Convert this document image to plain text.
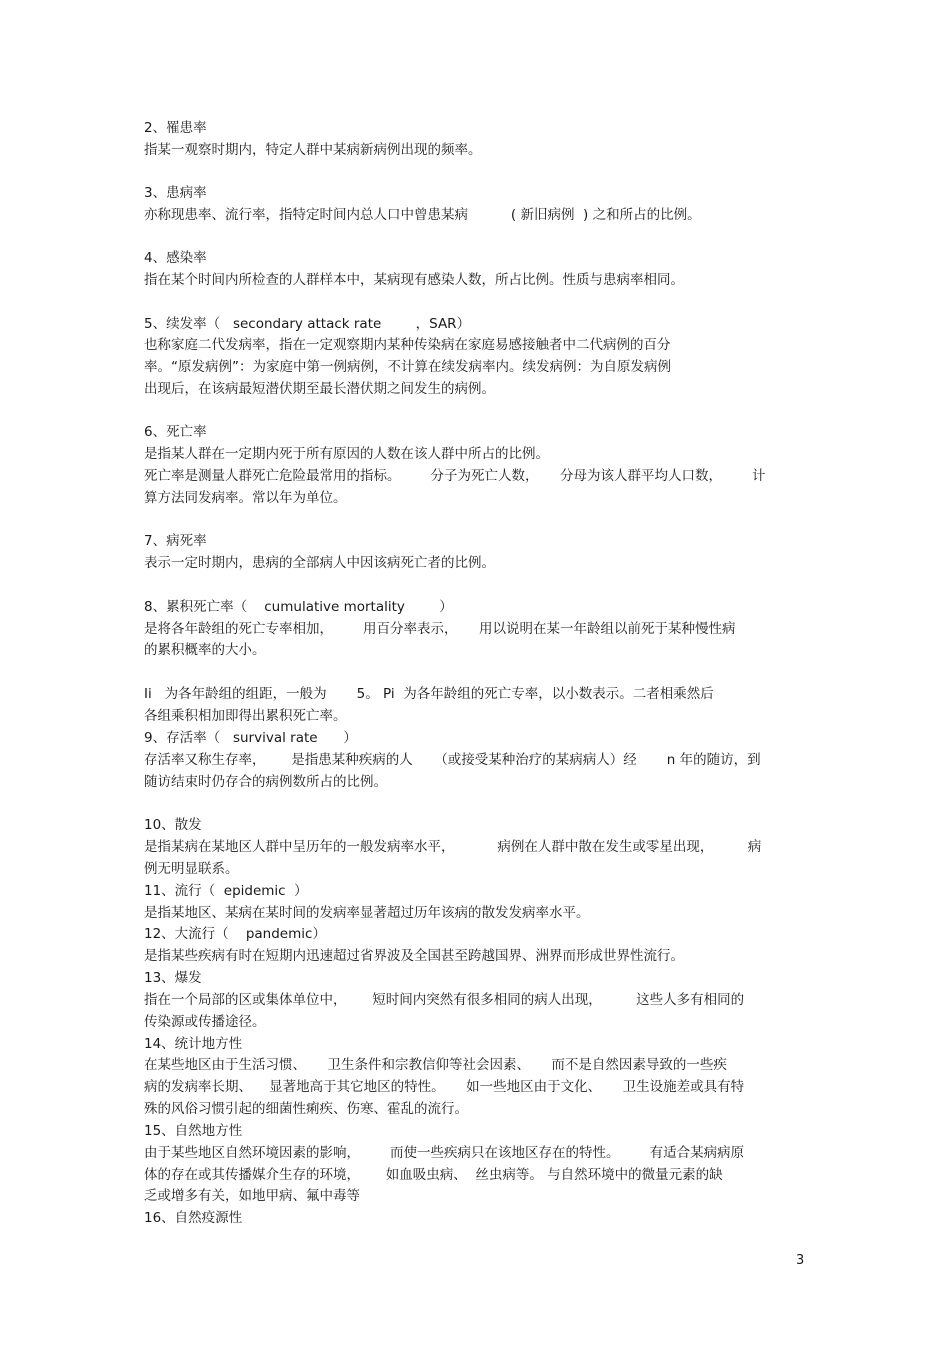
2、罹患率

指某一观察时期内，特定人群中某病新病例出现的频率。

3、患病率

亦称现患率、流行率，指特定时间内总人口中曾患某病          ( 新旧病例  ) 之和所占的比例。

4、感染率

指在某个时间内所检查的人群样本中，某病现有感染人数，所占比例。性质与患病率相同。

5、续发率（   secondary attack rate        ，SAR）

也称家庭二代发病率，指在一定观察期内某种传染病在家庭易感接触者中二代病例的百分

率。“原发病例”：为家庭中第一例病例，不计算在续发病率内。续发病例：为自原发病例

出现后，在该病最短潜伏期至最长潜伏期之间发生的病例。

6、死亡率

是指某人群在一定期内死于所有原因的人数在该人群中所占的比例。

死亡率是测量人群死亡危险最常用的指标。       分子为死亡人数，     分母为该人群平均人口数，       计

算方法同发病率。常以年为单位。

7、病死率

表示一定时期内，患病的全部病人中因该病死亡者的比例。

8、累积死亡率（    cumulative mortality        ）

是将各年龄组的死亡专率相加，       用百分率表示，     用以说明在某一年龄组以前死于某种慢性病

的累积概率的大小。

Ii   为各年龄组的组距，一般为       5。 Pi  为各年龄组的死亡专率，以小数表示。二者相乘然后

各组乘积相加即得出累积死亡率。

9、存活率（   survival rate      ）

存活率又称生存率，      是指患某种疾病的人     （或接受某种治疗的某病病人）经       n 年的随访，到

随访结束时仍存合的病例数所占的比例。

10、散发

是指某病在某地区人群中呈历年的一般发病率水平，          病例在人群中散在发生或零星出现，        病

例无明显联系。

11、流行（  epidemic  ）

是指某地区、某病在某时间的发病率显著超过历年该病的散发发病率水平。

12、大流行（    pandemic）

是指某些疾病有时在短期内迅速超过省界波及全国甚至跨越国界、洲界而形成世界性流行。

13、爆发

指在一个局部的区或集体单位中，      短时间内突然有很多相同的病人出现，        这些人多有相同的

传染源或传播途径。

14、统计地方性

在某些地区由于生活习惯、     卫生条件和宗教信仰等社会因素、     而不是自然因素导致的一些疾

病的发病率长期、    显著地高于其它地区的特性。     如一些地区由于文化、     卫生设施差或具有特

殊的风俗习惯引起的细菌性痢疾、伤寒、霍乱的流行。

15、自然地方性

由于某些地区自然环境因素的影响，       而使一些疾病只在该地区存在的特性。       有适合某病病原

体的存在或其传播媒介生存的环境，      如血吸虫病、  丝虫病等。 与自然环境中的微量元素的缺

乏或增多有关，如地甲病、氟中毒等

16、自然疫源性

3
